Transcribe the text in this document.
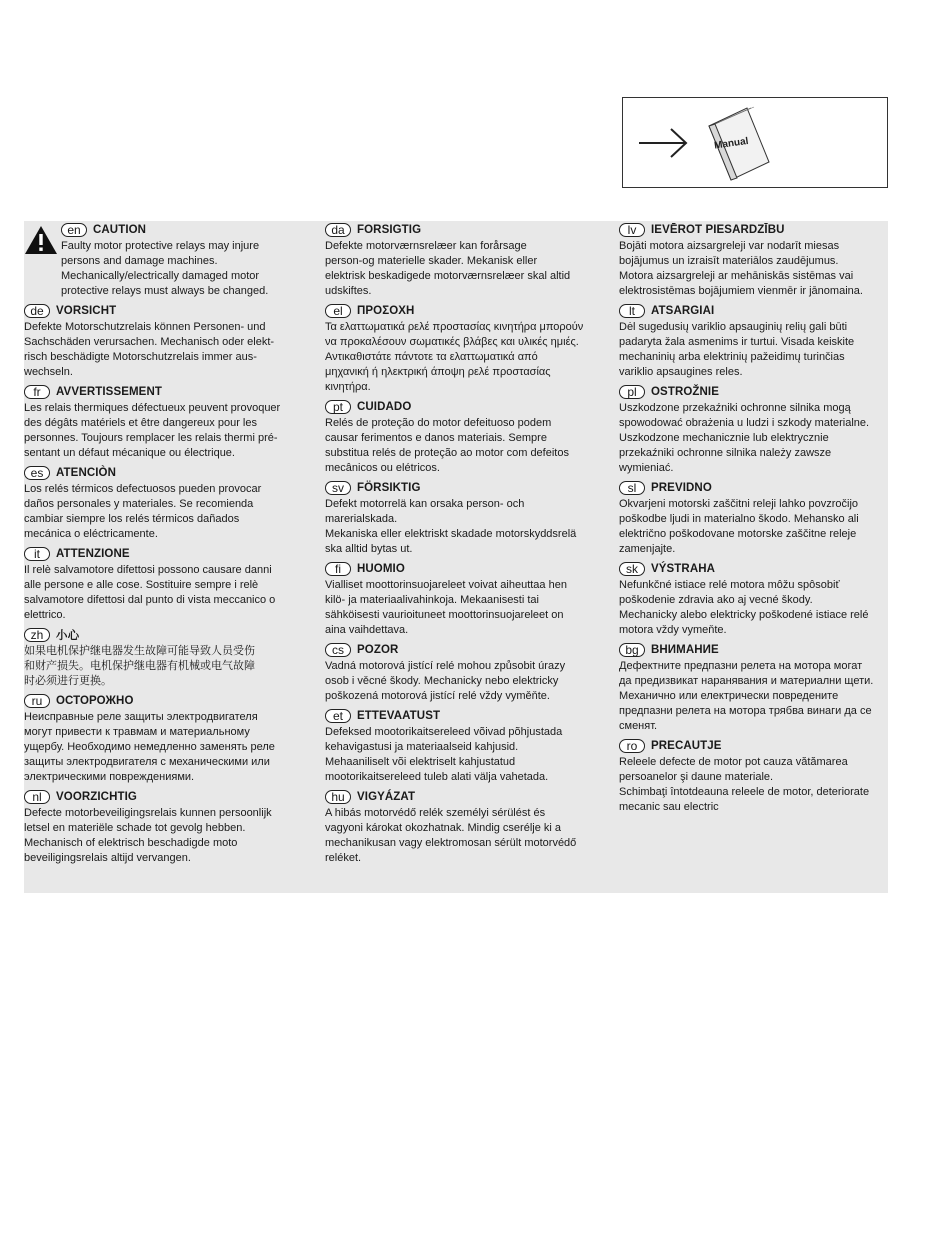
Manual
en	CAUTION
Faulty motor protective relays may injure
persons and damage machines.
Mechanically/electrically damaged motor
protective relays must always be changed.
de	VORSICHT
Defekte Motorschutzrelais können Personen- und
Sachschäden verursachen. Mechanisch oder elekt-
risch beschädigte Motorschutzrelais immer aus-
wechseln.
fr	AVVERTISSEMENT
Les relais thermiques défectueux peuvent provoquer
des dégâts matériels et être dangereux pour les
personnes. Toujours remplacer les relais thermi pré-
sentant un défaut mécanique ou électrique.
es	ATENCIÒN
Los relés térmicos defectuosos pueden provocar
daños personales y materiales. Se recomienda
cambiar siempre los relés térmicos dañados
mecánica o eléctricamente.
it	ATTENZIONE
Il relè salvamotore difettosi possono causare danni
alle persone e alle cose. Sostituire sempre i relè
salvamotore difettosi dal punto di vista meccanico o
elettrico.
zh	小心
如果电机保护继电器发生故障可能导致人员受伤
和财产损失。电机保护继电器有机械或电气故障
时必须进行更换。
ru	ОСТОРОЖНО
Неисправные реле защиты электродвигателя
могут привести к травмам и материальному
ущербу. Необходимо немедленно заменять реле
защиты электродвигателя с механическими или
электрическими повреждениями.
nl	VOORZICHTIG
Defecte motorbeveiligingsrelais kunnen persoonlijk
letsel en materiële schade tot gevolg hebben.
Mechanisch of elektrisch beschadigde moto
beveiligingsrelais altijd vervangen.
da	FORSIGTIG
Defekte motorværnsrelæer kan forårsage
person-og materielle skader. Mekanisk eller
elektrisk beskadigede motorværnsrelæer skal altid
udskiftes.
el	ΠΡΟΣΟΧΗ
Τα ελαττωματικά ρελέ προστασίας κινητήρα μπορούν
να προκαλέσουν σωματικές βλάβες και υλικές ημιές.
Αντικαθιστάτε πάντοτε τα ελαττωματικά από
μηχανική ή ηλεκτρική άποψη ρελέ προστασίας
κινητήρα.
pt	CUIDADO
Relés de proteção do motor defeituoso podem
causar ferimentos e danos materiais. Sempre
substitua relés de proteção ao motor com defeitos
mecânicos ou elétricos.
sv	FÖRSIKTIG
Defekt motorrelä kan orsaka person- och
marerialskada.
Mekaniska eller elektriskt skadade motorskyddsrelä
ska alltid bytas ut.
fi	HUOMIO
Vialliset moottorinsuojareleet voivat aiheuttaa hen
kilö- ja materiaalivahinkoja. Mekaanisesti tai
sähköisesti vaurioituneet moottorinsuojareleet on
aina vaihdettava.
cs	POZOR
Vadná motorová jistící relé mohou způsobit úrazy
osob i věcné škody. Mechanicky nebo elektricky
poškozená motorová jistící relé vždy vyměňte.
et	ETTEVAATUST
Defeksed mootorikaitsereleed võivad põhjustada
kehavigastusi ja materiaalseid kahjusid.
Mehaaniliselt või elektriselt kahjustatud
mootorikaitsereleed tuleb alati välja vahetada.
hu	VIGYÁZAT
A hibás motorvédő relék személyi sérülést és
vagyoni károkat okozhatnak. Mindig cserélje ki a
mechanikusan vagy elektromosan sérült motorvédő
reléket.
lv	IEVĒROT PIESARDZĪBU
Bojāti motora aizsargreleji var nodarīt miesas
bojājumus un izraisīt materiālos zaudējumus.
Motora aizsargreleji ar mehāniskās sistēmas vai
elektrosistēmas bojājumiem vienmēr ir jānomaina.
lt	ATSARGIAI
Dėl sugedusių variklio apsauginių relių gali būti
padaryta žala asmenims ir turtui. Visada keiskite
mechaninių arba elektrinių pažeidimų turinčias
variklio apsaugines reles.
pl	OSTROŽNIE
Uszkodzone przekaźniki ochronne silnika mogą
spowodować obrażenia u ludzi i szkody materialne.
Uszkodzone mechanicznie lub elektrycznie
przekaźniki ochronne silnika należy zawsze
wymieniać.
sl	PREVIDNO
Okvarjeni motorski zaščitni releji lahko povzročijo
poškodbe ljudi in materialno škodo. Mehansko ali
električno poškodovane motorske zaščitne releje
zamenjajte.
sk	VÝSTRAHA
Nefunkčné istiace relé motora môžu spôsobiť
poškodenie zdravia ako aj vecné škody.
Mechanicky alebo elektricky poškodené istiace relé
motora vždy vymeňte.
bg	ВНИМАНИЕ
Дефектните предпазни релета на мотора могат
да предизвикат наранявания и материални щети.
Механично или електрически повредените
предпазни релета на мотора трябва винаги да се
сменят.
ro	PRECAUTJE
Releele defecte de motor pot cauza vătămarea
persoanelor şi daune materiale.
Schimbaţi întotdeauna releele de motor, deteriorate
mecanic sau electric
